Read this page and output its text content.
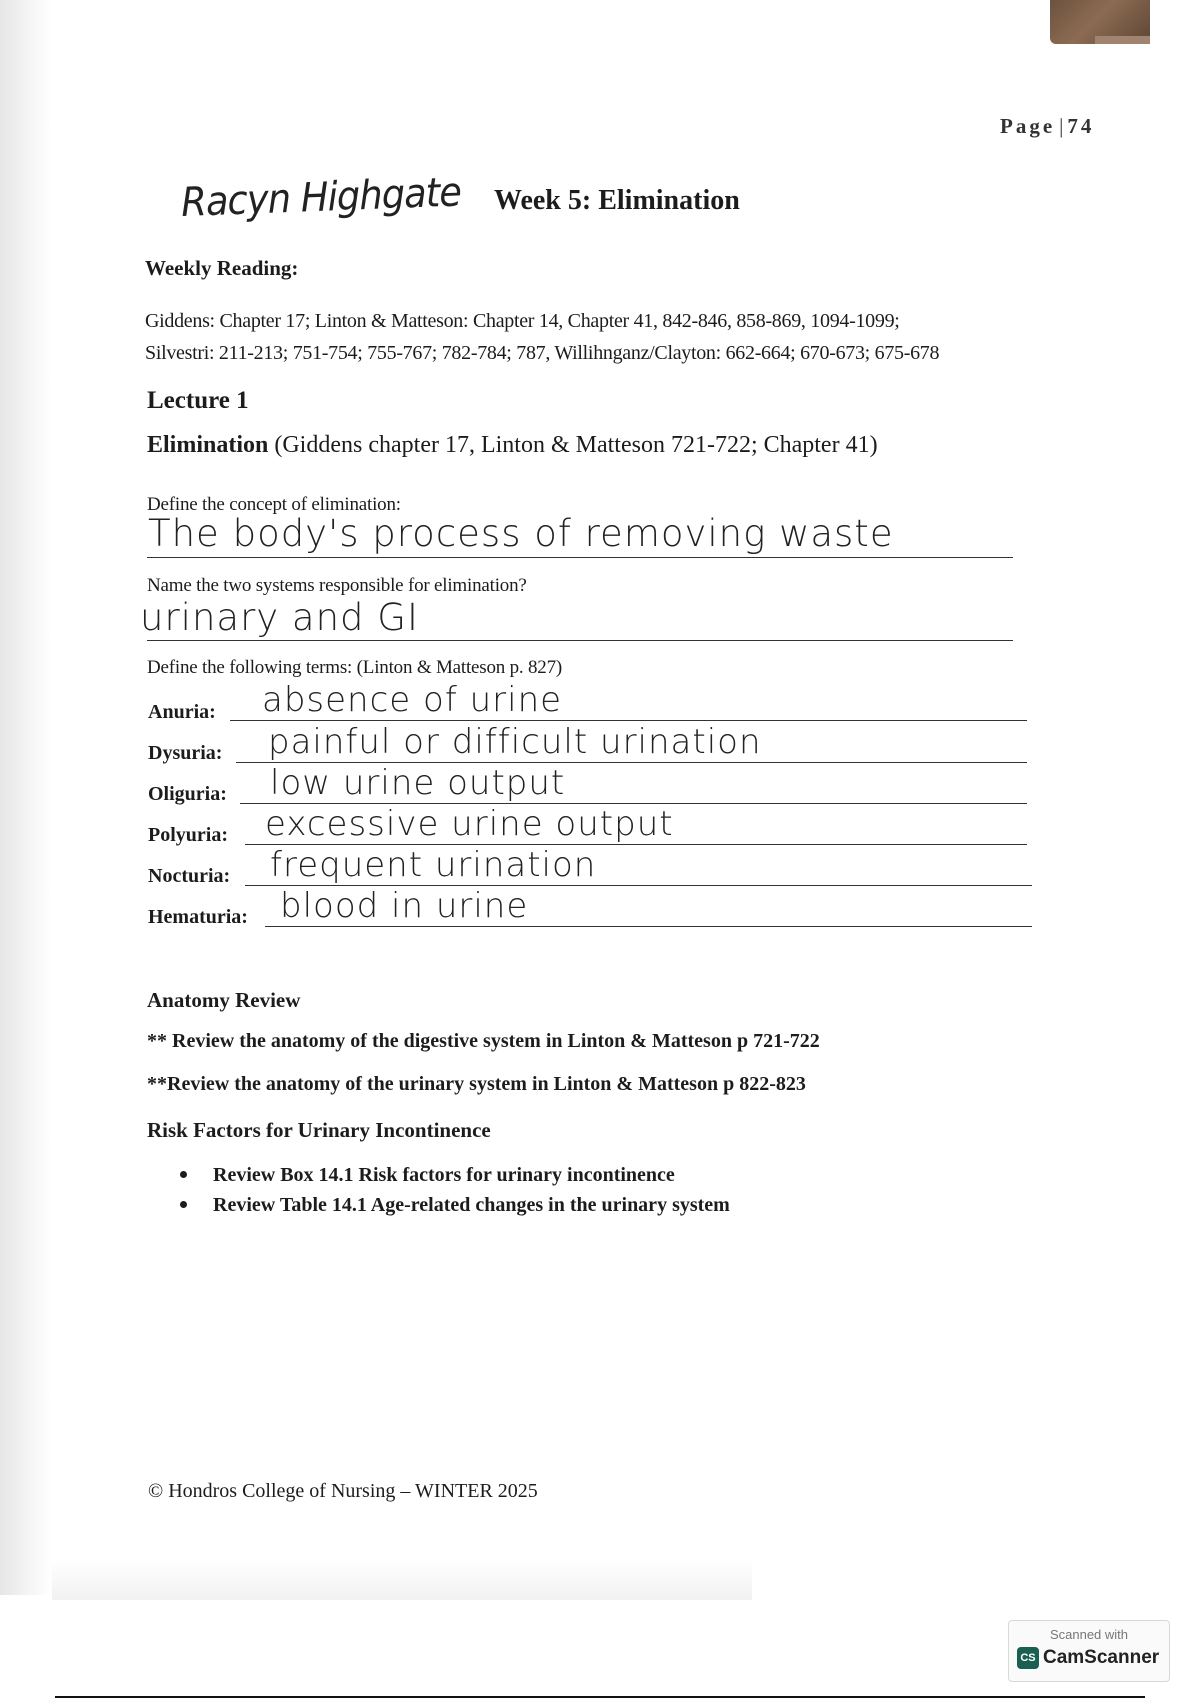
Page | 74
Racyn Highgate Week 5: Elimination
Weekly Reading:
Giddens: Chapter 17; Linton & Matteson: Chapter 14, Chapter 41, 842-846, 858-869, 1094-1099;
Silvestri: 211-213; 751-754; 755-767; 782-784; 787, Willihnganz/Clayton: 662-664; 670-673; 675-678
Lecture 1
Elimination (Giddens chapter 17, Linton & Matteson 721-722; Chapter 41)
Define the concept of elimination:
The body's process of removing waste
Name the two systems responsible for elimination?
urinary and GI
Define the following terms: (Linton & Matteson p. 827)
Anuria: absence of urine
Dysuria: painful or difficult urination
Oliguria: low urine output
Polyuria: excessive urine output
Nocturia: frequent urination
Hematuria: blood in urine
Anatomy Review
** Review the anatomy of the digestive system in Linton & Matteson p 721-722
**Review the anatomy of the urinary system in Linton & Matteson p 822-823
Risk Factors for Urinary Incontinence
Review Box 14.1 Risk factors for urinary incontinence
Review Table 14.1 Age-related changes in the urinary system
© Hondros College of Nursing – WINTER 2025
Scanned with
CS CamScanner
